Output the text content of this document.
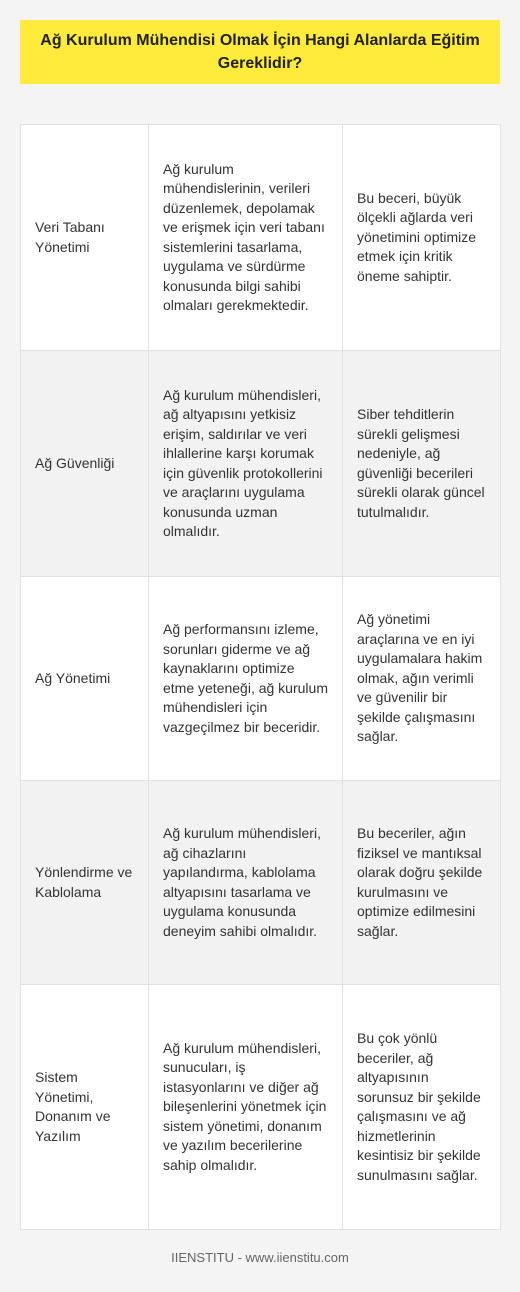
Ağ Kurulum Mühendisi Olmak İçin Hangi Alanlarda Eğitim Gereklidir?
Veri Tabanı Yönetimi	Ağ kurulum mühendislerinin, verileri düzenlemek, depolamak ve erişmek için veri tabanı sistemlerini tasarlama, uygulama ve sürdürme konusunda bilgi sahibi olmaları gerekmektedir.	Bu beceri, büyük ölçekli ağlarda veri yönetimini optimize etmek için kritik öneme sahiptir.
Ağ Güvenliği	Ağ kurulum mühendisleri, ağ altyapısını yetkisiz erişim, saldırılar ve veri ihlallerine karşı korumak için güvenlik protokollerini ve araçlarını uygulama konusunda uzman olmalıdır.	Siber tehditlerin sürekli gelişmesi nedeniyle, ağ güvenliği becerileri sürekli olarak güncel tutulmalıdır.
Ağ Yönetimi	Ağ performansını izleme, sorunları giderme ve ağ kaynaklarını optimize etme yeteneği, ağ kurulum mühendisleri için vazgeçilmez bir beceridir.	Ağ yönetimi araçlarına ve en iyi uygulamalara hakim olmak, ağın verimli ve güvenilir bir şekilde çalışmasını sağlar.
Yönlendirme ve Kablolama	Ağ kurulum mühendisleri, ağ cihazlarını yapılandırma, kablolama altyapısını tasarlama ve uygulama konusunda deneyim sahibi olmalıdır.	Bu beceriler, ağın fiziksel ve mantıksal olarak doğru şekilde kurulmasını ve optimize edilmesini sağlar.
Sistem Yönetimi, Donanım ve Yazılım	Ağ kurulum mühendisleri, sunucuları, iş istasyonlarını ve diğer ağ bileşenlerini yönetmek için sistem yönetimi, donanım ve yazılım becerilerine sahip olmalıdır.	Bu çok yönlü beceriler, ağ altyapısının sorunsuz bir şekilde çalışmasını ve ağ hizmetlerinin kesintisiz bir şekilde sunulmasını sağlar.
IIENSTITU - www.iienstitu.com
